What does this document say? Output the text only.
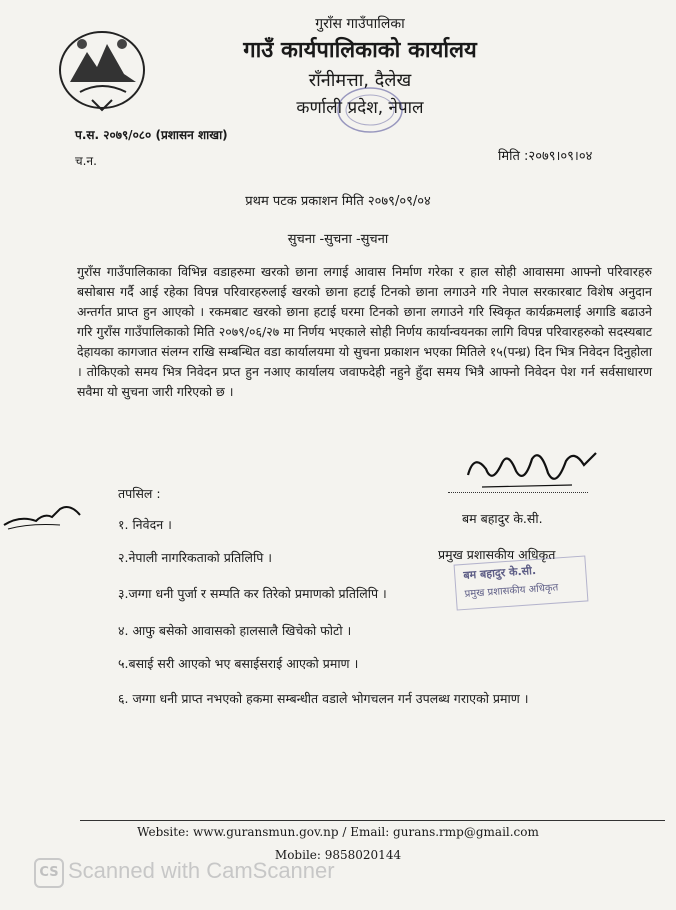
गुराँस गाउँपालिका
गाउँ कार्यपालिकाको कार्यालय
राँनीमत्ता, दैलेख
कर्णाली प्रदेश, नेपाल
प.स. २०७९/०८० (प्रशासन शाखा)
च.न.	मिति :२०७९।०९।०४
प्रथम पटक प्रकाशन मिति २०७९/०९/०४
सुचना -सुचना -सुचना
गुराँस गाउँपालिकाका विभिन्न वडाहरुमा खरको छाना लगाई आवास निर्माण गरेका र हाल सोही आवासमा आफ्नो परिवारहरु बसोबास गर्दै आई रहेका विपन्न परिवारहरुलाई खरको छाना हटाई टिनको छाना लगाउने गरि नेपाल सरकारबाट विशेष अनुदान अन्तर्गत प्राप्त हुन आएको । रकमबाट खरको छाना हटाई घरमा टिनको छाना लगाउने गरि स्विकृत कार्यक्रमलाई अगाडि बढाउने गरि गुराँस गाउँपालिकाको मिति २०७९/०६/२७ मा निर्णय भएकाले सोही निर्णय कार्यान्वयनका लागि विपन्न परिवारहरुको सदस्यबाट देहायका कागजात संलग्न राखि सम्बन्धित वडा कार्यालयमा यो सुचना प्रकाशन भएका मितिले १५(पन्ध्र) दिन भित्र निवेदन दिनुहोला । तोकिएको समय भित्र निवेदन प्रप्त हुन नआए कार्यालय जवाफदेही नहुने हुँदा समय भित्रै आफ्नो निवेदन पेश गर्न सर्वसाधारण सवैमा यो सुचना जारी गरिएको छ ।
तपसिल :
१. निवेदन ।
२.नेपाली नागरिकताको प्रतिलिपि ।
३.जग्गा धनी पुर्जा र सम्पति कर तिरेको प्रमाणको प्रतिलिपि ।
४. आफु बसेको आवासको हालसालै खिचेको फोटो ।
५.बसाई सरी आएको भए बसाईसराई आएको प्रमाण ।
६. जग्गा धनी प्राप्त नभएको हकमा सम्बन्धीत वडाले भोगचलन गर्न उपलब्ध गराएको प्रमाण ।
बम बहादुर के.सी.
प्रमुख प्रशासकीय अधिकृत
बम बहादुर के.सी.
प्रमुख प्रशासकीय अधिकृत
Website: www.guransmun.gov.np / Email: gurans.rmp@gmail.com
Mobile: 9858020144
CS Scanned with CamScanner
